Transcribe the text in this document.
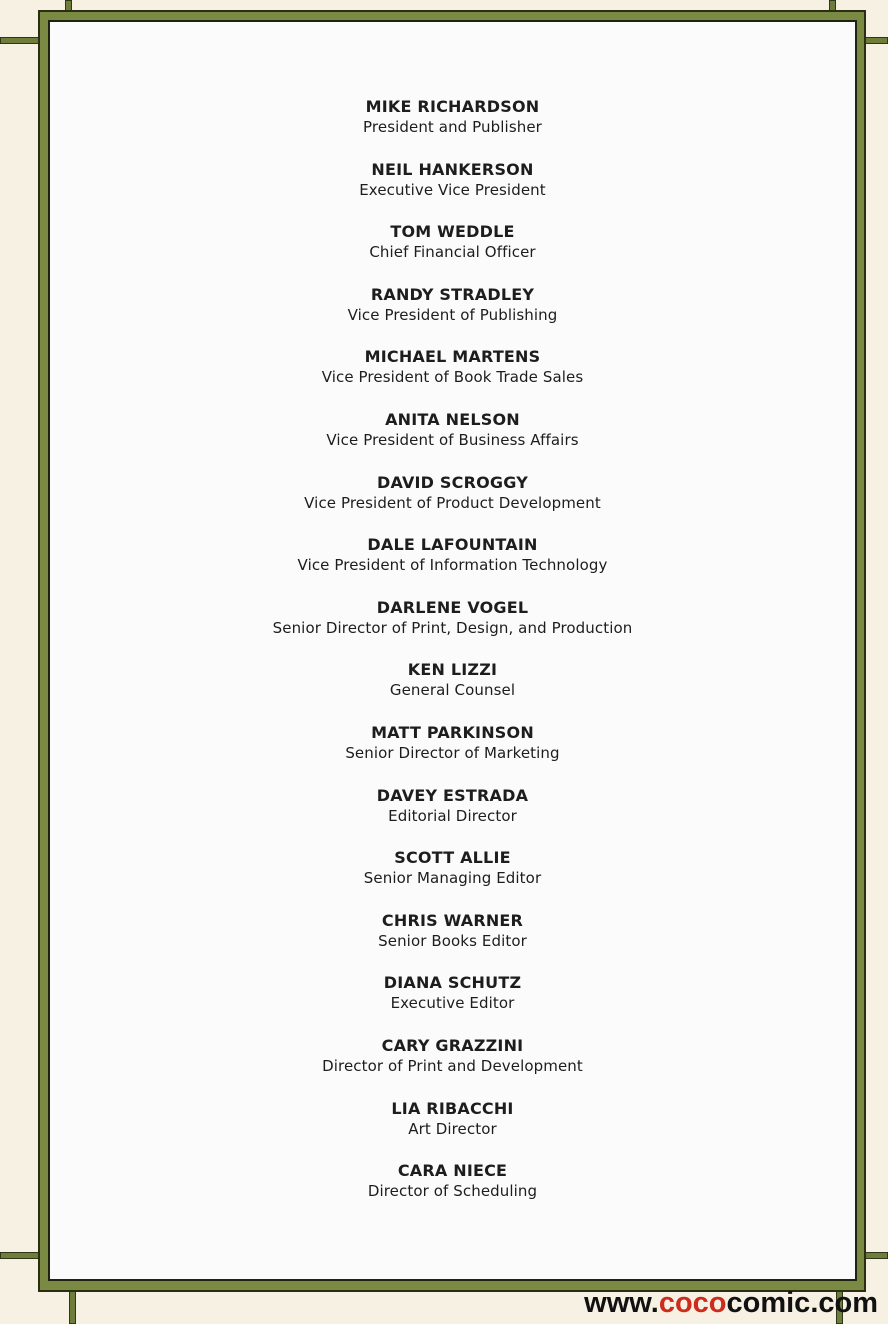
MIKE RICHARDSON
President and Publisher
NEIL HANKERSON
Executive Vice President
TOM WEDDLE
Chief Financial Officer
RANDY STRADLEY
Vice President of Publishing
MICHAEL MARTENS
Vice President of Book Trade Sales
ANITA NELSON
Vice President of Business Affairs
DAVID SCROGGY
Vice President of Product Development
DALE LAFOUNTAIN
Vice President of Information Technology
DARLENE VOGEL
Senior Director of Print, Design, and Production
KEN LIZZI
General Counsel
MATT PARKINSON
Senior Director of Marketing
DAVEY ESTRADA
Editorial Director
SCOTT ALLIE
Senior Managing Editor
CHRIS WARNER
Senior Books Editor
DIANA SCHUTZ
Executive Editor
CARY GRAZZINI
Director of Print and Development
LIA RIBACCHI
Art Director
CARA NIECE
Director of Scheduling
www.cococomic.com
